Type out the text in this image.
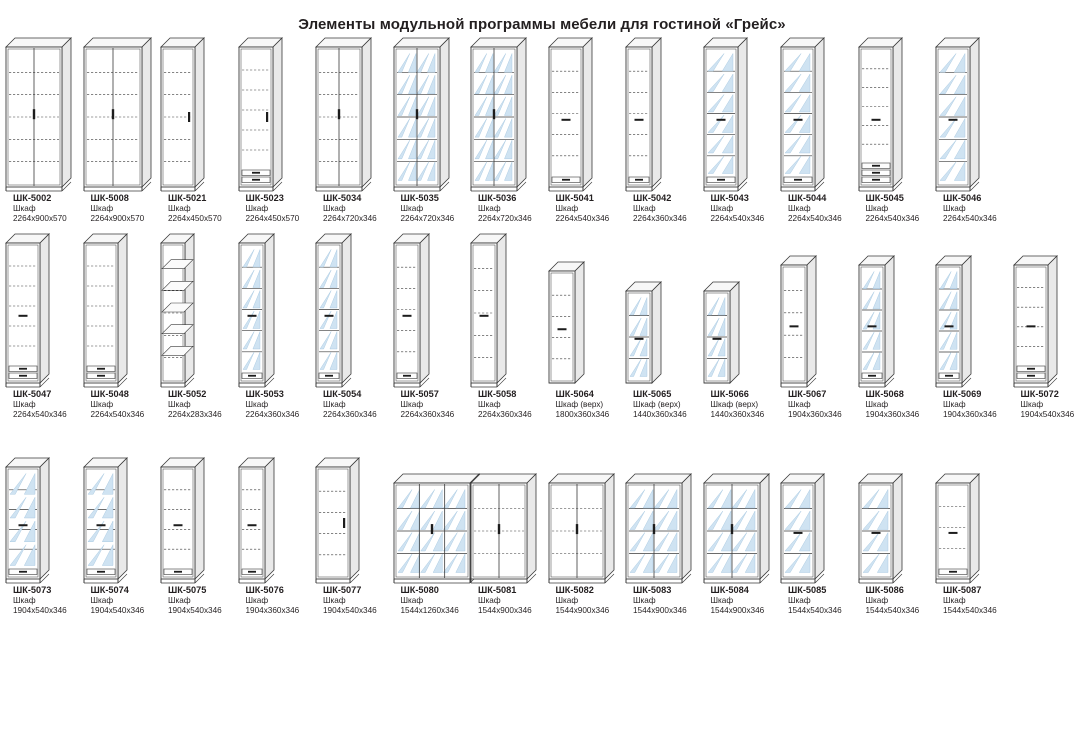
Элементы модульной программы мебели для гостиной «Грейс»
ШК-5002
Шкаф
2264x900x570
ШК-5008
Шкаф
2264x900x570
ШК-5021
Шкаф
2264x450x570
ШК-5023
Шкаф
2264x450x570
ШК-5034
Шкаф
2264x720x346
ШК-5035
Шкаф
2264x720x346
ШК-5036
Шкаф
2264x720x346
ШК-5041
Шкаф
2264x540x346
ШК-5042
Шкаф
2264x360x346
ШК-5043
Шкаф
2264x540x346
ШК-5044
Шкаф
2264x540x346
ШК-5045
Шкаф
2264x540x346
ШК-5046
Шкаф
2264x540x346
ШК-5047
Шкаф
2264x540x346
ШК-5048
Шкаф
2264x540x346
ШК-5052
Шкаф
2264x283x346
ШК-5053
Шкаф
2264x360x346
ШК-5054
Шкаф
2264x360x346
ШК-5057
Шкаф
2264x360x346
ШК-5058
Шкаф
2264x360x346
ШК-5064
Шкаф (верх)
1800x360x346
ШК-5065
Шкаф (верх)
1440x360x346
ШК-5066
Шкаф (верх)
1440x360x346
ШК-5067
Шкаф
1904x360x346
ШК-5068
Шкаф
1904x360x346
ШК-5069
Шкаф
1904x360x346
ШК-5072
Шкаф
1904x540x346
ШК-5073
Шкаф
1904x540x346
ШК-5074
Шкаф
1904x540x346
ШК-5075
Шкаф
1904x540x346
ШК-5076
Шкаф
1904x360x346
ШК-5077
Шкаф
1904x540x346
ШК-5080
Шкаф
1544x1260x346
ШК-5081
Шкаф
1544x900x346
ШК-5082
Шкаф
1544x900x346
ШК-5083
Шкаф
1544x900x346
ШК-5084
Шкаф
1544x900x346
ШК-5085
Шкаф
1544x540x346
ШК-5086
Шкаф
1544x540x346
ШК-5087
Шкаф
1544x540x346
